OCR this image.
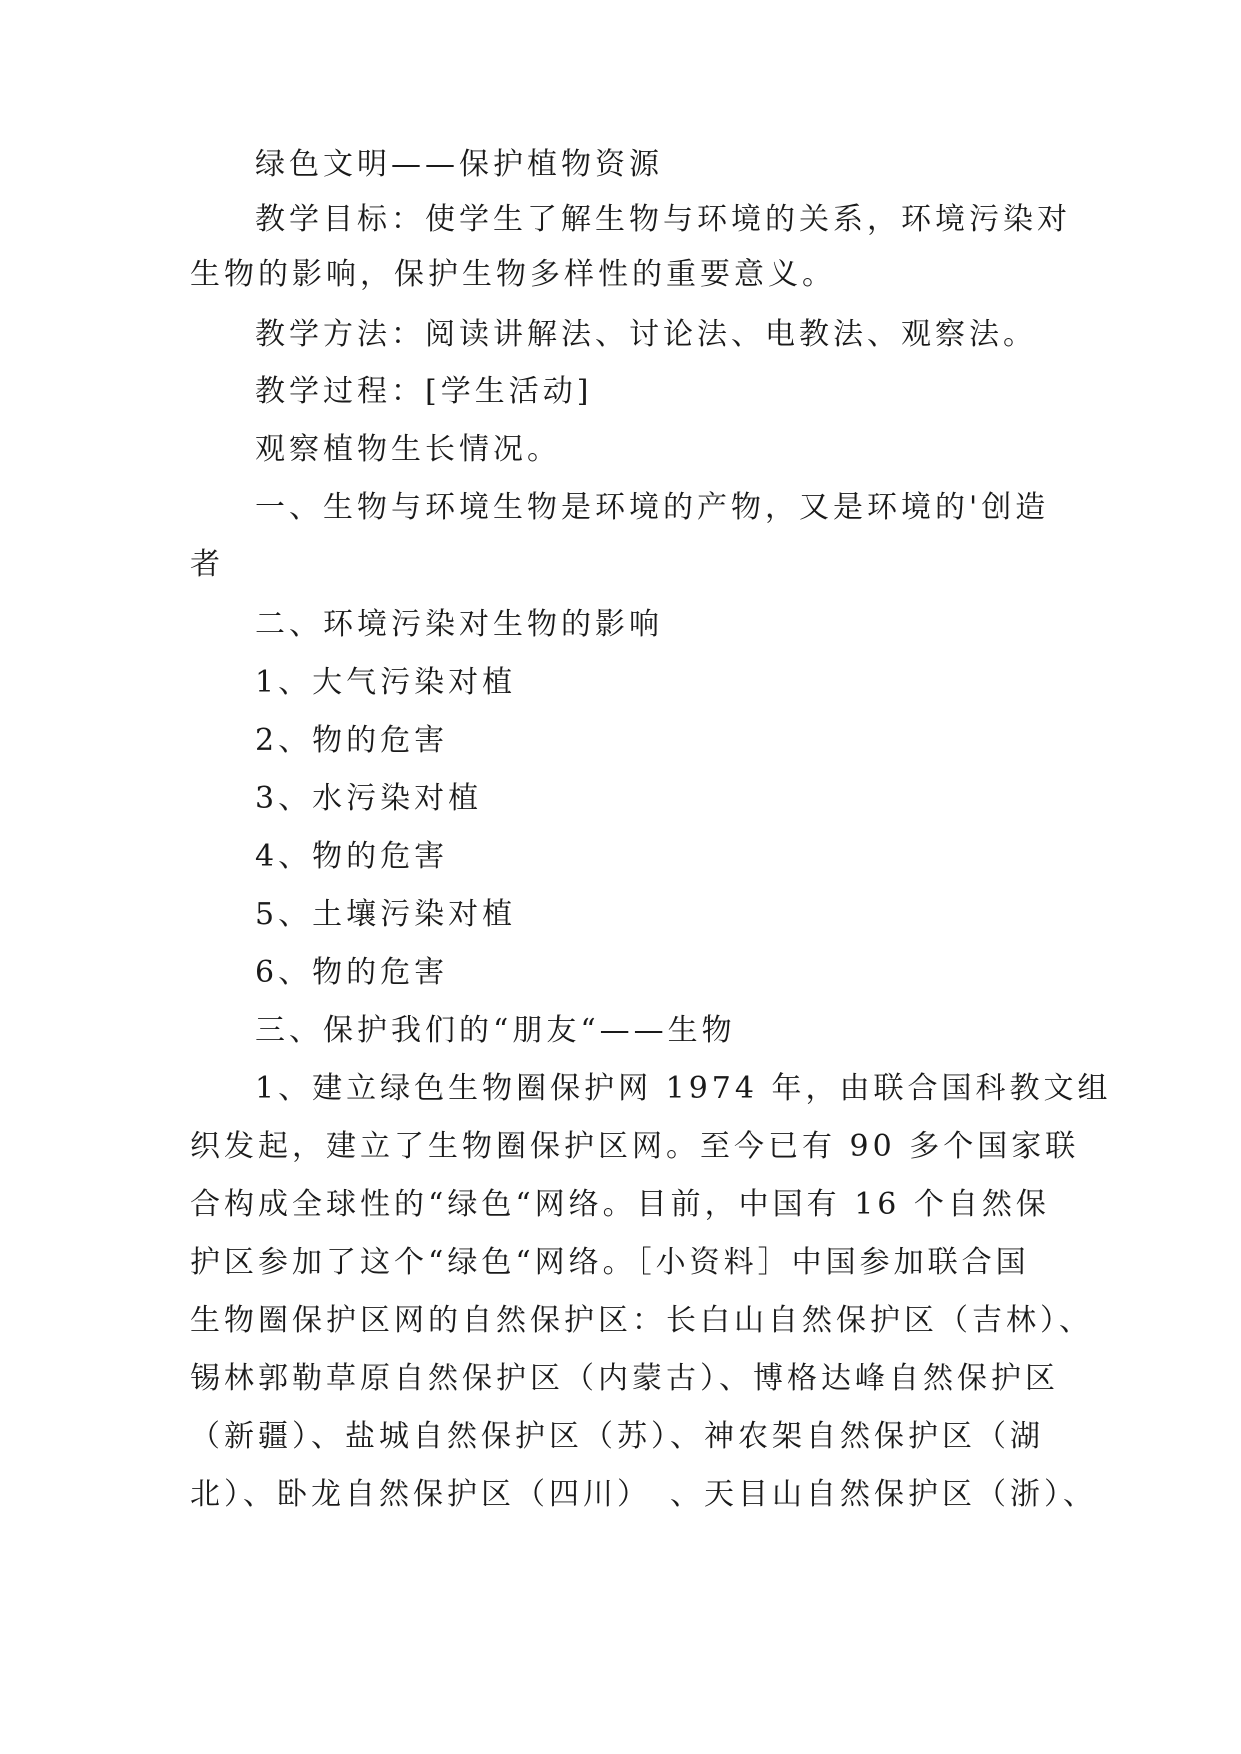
绿色文明——保护植物资源
教学目标：使学生了解生物与环境的关系，环境污染对
生物的影响，保护生物多样性的重要意义。
教学方法：阅读讲解法、讨论法、电教法、观察法。
教学过程：[学生活动]
观察植物生长情况。
一、生物与环境生物是环境的产物，又是环境的'创造
者
二、环境污染对生物的影响
1、大气污染对植
2、物的危害
3、水污染对植
4、物的危害
5、土壤污染对植
6、物的危害
三、保护我们的“朋友“——生物
1、建立绿色生物圈保护网 1974 年，由联合国科教文组
织发起，建立了生物圈保护区网。至今已有 90 多个国家联
合构成全球性的“绿色“网络。目前，中国有 16 个自然保
护区参加了这个“绿色“网络。［小资料］中国参加联合国
生物圈保护区网的自然保护区：长白山自然保护区（吉林）、
锡林郭勒草原自然保护区（内蒙古）、博格达峰自然保护区
（新疆）、盐城自然保护区（苏）、神农架自然保护区（湖
北）、卧龙自然保护区（四川）　、天目山自然保护区（浙）、
